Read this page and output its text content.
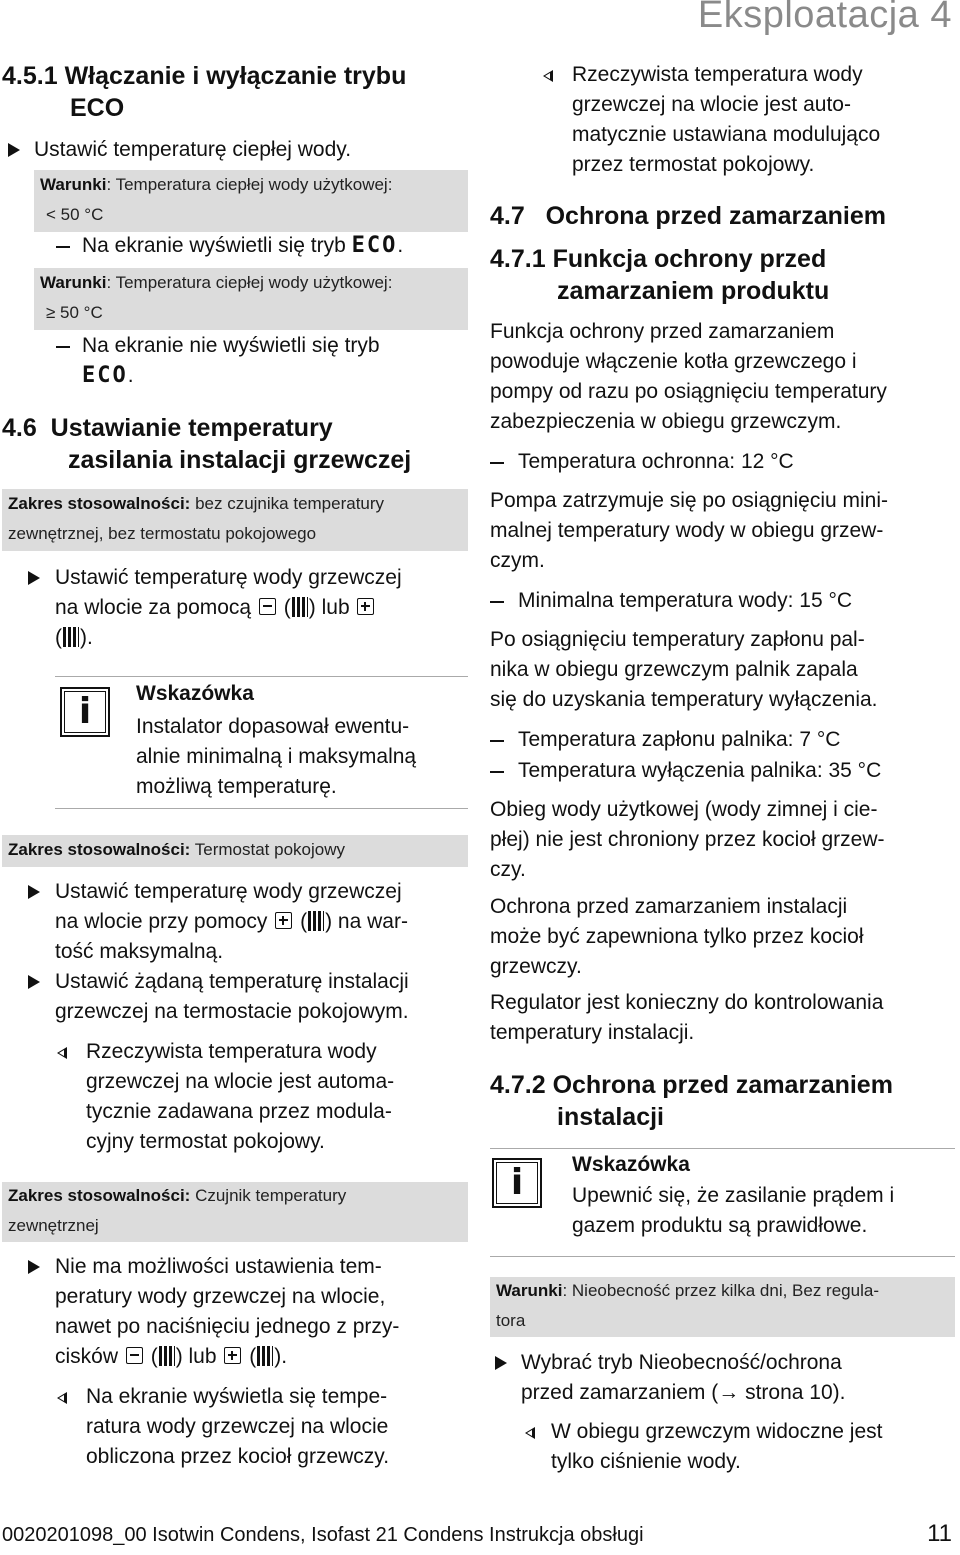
Eksploatacja 4
4.5.1 Włączanie i wyłączanie trybu
ECO
Ustawić temperaturę ciepłej wody.
Warunki: Temperatura ciepłej wody użytkowej:
< 50 °C
Na ekranie wyświetli się tryb ECO.
Warunki: Temperatura ciepłej wody użytkowej:
≥ 50 °C
Na ekranie nie wyświetli się tryb
ECO.
4.6 Ustawianie temperatury
zasilania instalacji grzewczej
Zakres stosowalności: bez czujnika temperatury
zewnętrznej, bez termostatu pokojowego
Ustawić temperaturę wody grzewczej
na wlocie za pomocą  ( ) lub
( ).
i	Wskazówka
Instalator dopasował ewentu-
alnie minimalną i maksymalną
możliwą temperaturę.
Zakres stosowalności: Termostat pokojowy
Ustawić temperaturę wody grzewczej
na wlocie przy pomocy  ( ) na war-
tość maksymalną.
Ustawić żądaną temperaturę instalacji
grzewczej na termostacie pokojowym.
Rzeczywista temperatura wody
grzewczej na wlocie jest automa-
tycznie zadawana przez modula-
cyjny termostat pokojowy.
Zakres stosowalności: Czujnik temperatury
zewnętrznej
Nie ma możliwości ustawienia tem-
peratury wody grzewczej na wlocie,
nawet po naciśnięciu jednego z przy-
cisków  ( ) lub  ( ).
Na ekranie wyświetla się tempe-
ratura wody grzewczej na wlocie
obliczona przez kocioł grzewczy.
Rzeczywista temperatura wody
grzewczej na wlocie jest auto-
matycznie ustawiana modulująco
przez termostat pokojowy.
4.7 Ochrona przed zamarzaniem
4.7.1 Funkcja ochrony przed
zamarzaniem produktu
Funkcja ochrony przed zamarzaniem
powoduje włączenie kotła grzewczego i
pompy od razu po osiągnięciu temperatury
zabezpieczenia w obiegu grzewczym.
Temperatura ochronna: 12 °C
Pompa zatrzymuje się po osiągnięciu mini-
malnej temperatury wody w obiegu grzew-
czym.
Minimalna temperatura wody: 15 °C
Po osiągnięciu temperatury zapłonu pal-
nika w obiegu grzewczym palnik zapala
się do uzyskania temperatury wyłączenia.
Temperatura zapłonu palnika: 7 °C
Temperatura wyłączenia palnika: 35 °C
Obieg wody użytkowej (wody zimnej i cie-
płej) nie jest chroniony przez kocioł grzew-
czy.
Ochrona przed zamarzaniem instalacji
może być zapewniona tylko przez kocioł
grzewczy.
Regulator jest konieczny do kontrolowania
temperatury instalacji.
4.7.2 Ochrona przed zamarzaniem
instalacji
i	Wskazówka
Upewnić się, że zasilanie prądem i
gazem produktu są prawidłowe.
Warunki: Nieobecność przez kilka dni, Bez regula-
tora
Wybrać tryb Nieobecność/ochrona
przed zamarzaniem (→ strona 10).
W obiegu grzewczym widoczne jest
tylko ciśnienie wody.
0020201098_00 Isotwin Condens, Isofast 21 Condens Instrukcja obsługi	11
